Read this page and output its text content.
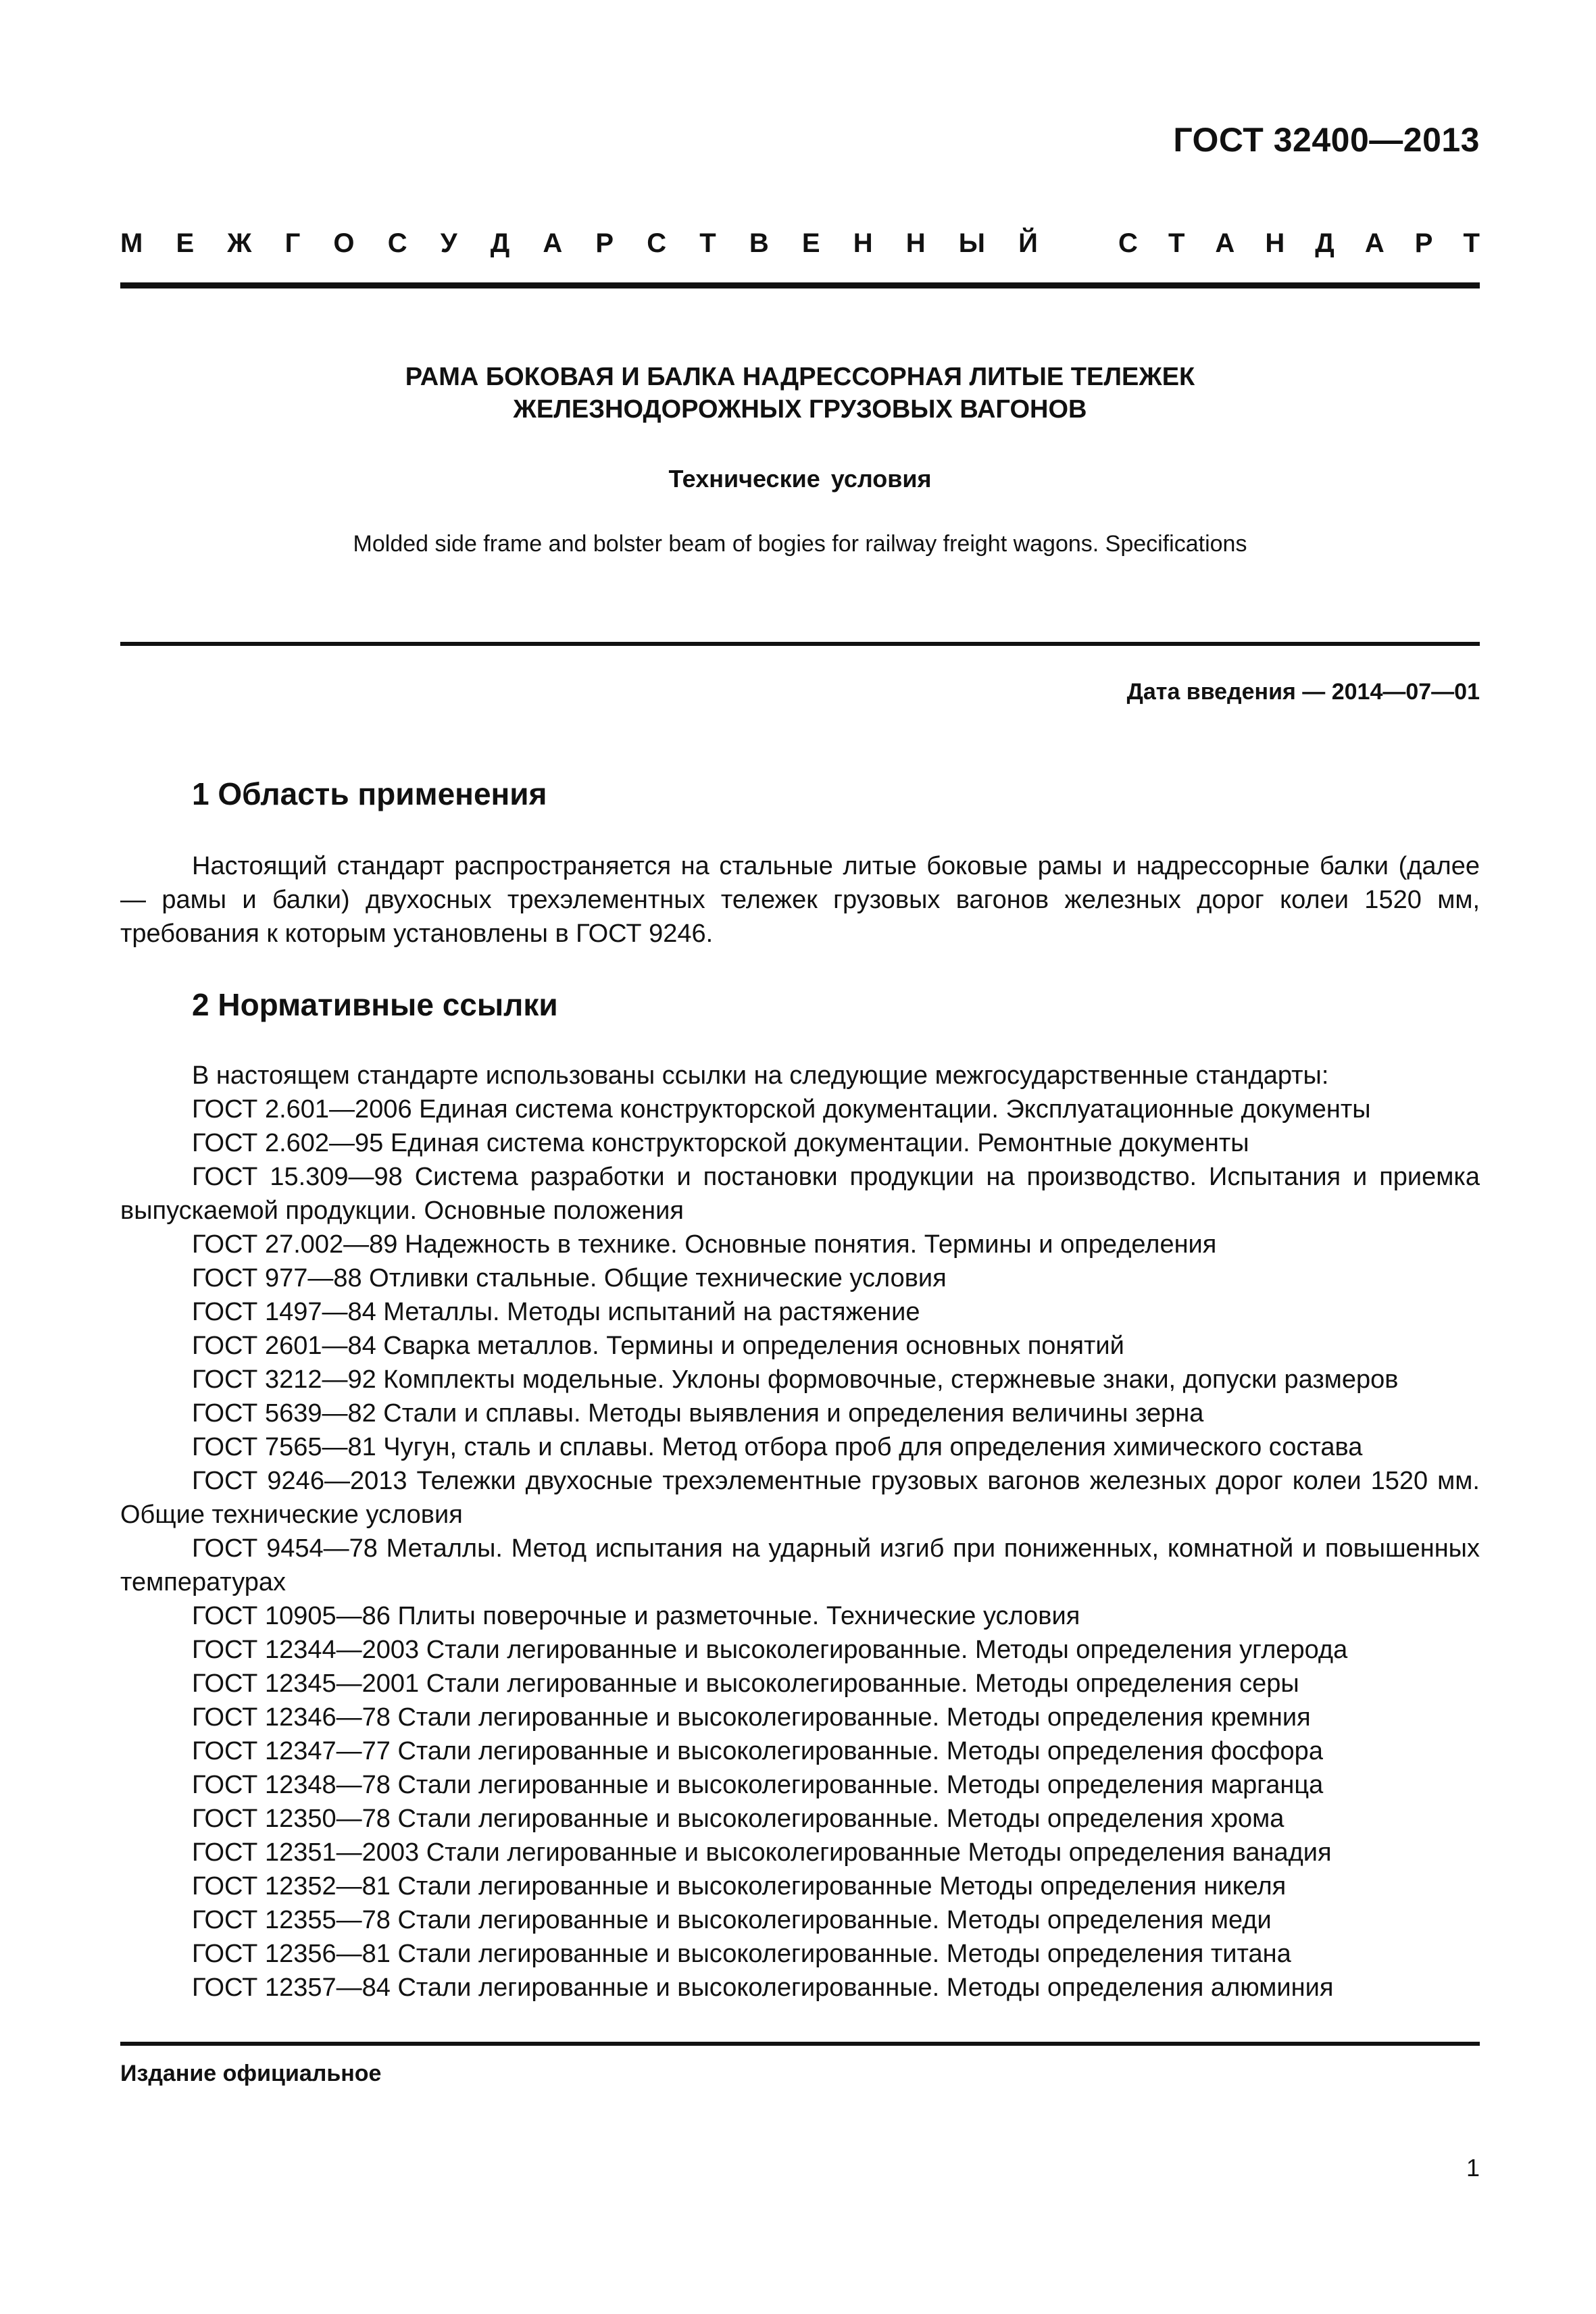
ГОСТ 32400—2013
М Е Ж Г О С У Д А Р С Т В Е Н Н Ы Й	С Т А Н Д А Р Т
РАМА БОКОВАЯ И БАЛКА НАДРЕССОРНАЯ ЛИТЫЕ ТЕЛЕЖЕК
ЖЕЛЕЗНОДОРОЖНЫХ ГРУЗОВЫХ ВАГОНОВ
Технические условия
Molded side frame and bolster beam of bogies for railway freight wagons. Specifications
Дата введения — 2014—07—01
1 Область применения
Настоящий стандарт распространяется на стальные литые боковые рамы и надрессорные балки (далее — рамы и балки) двухосных трехэлементных тележек грузовых вагонов железных дорог колеи 1520 мм, требования к которым установлены в ГОСТ 9246.
2 Нормативные ссылки

В настоящем стандарте использованы ссылки на следующие межгосударственные стандарты:

ГОСТ 2.601—2006 Единая система конструкторской документации. Эксплуатационные документы

ГОСТ 2.602—95 Единая система конструкторской документации. Ремонтные документы

ГОСТ 15.309—98 Система разработки и постановки продукции на производство. Испытания и приемка выпускаемой продукции. Основные положения

ГОСТ 27.002—89 Надежность в технике. Основные понятия. Термины и определения

ГОСТ 977—88 Отливки стальные. Общие технические условия

ГОСТ 1497—84 Металлы. Методы испытаний на растяжение

ГОСТ 2601—84 Сварка металлов. Термины и определения основных понятий

ГОСТ 3212—92 Комплекты модельные. Уклоны формовочные, стержневые знаки, допуски размеров

ГОСТ 5639—82 Стали и сплавы. Методы выявления и определения величины зерна

ГОСТ 7565—81 Чугун, сталь и сплавы. Метод отбора проб для определения химического состава

ГОСТ 9246—2013 Тележки двухосные трехэлементные грузовых вагонов железных дорог колеи 1520 мм. Общие технические условия

ГОСТ 9454—78 Металлы. Метод испытания на ударный изгиб при пониженных, комнатной и повышенных температурах

ГОСТ 10905—86 Плиты поверочные и разметочные. Технические условия

ГОСТ 12344—2003 Стали легированные и высоколегированные. Методы определения углерода

ГОСТ 12345—2001 Стали легированные и высоколегированные. Методы определения серы

ГОСТ 12346—78 Стали легированные и высоколегированные. Методы определения кремния

ГОСТ 12347—77 Стали легированные и высоколегированные. Методы определения фосфора

ГОСТ 12348—78 Стали легированные и высоколегированные. Методы определения марганца

ГОСТ 12350—78 Стали легированные и высоколегированные. Методы определения хрома

ГОСТ 12351—2003 Стали легированные и высоколегированные Методы определения ванадия

ГОСТ 12352—81 Стали легированные и высоколегированные Методы определения никеля

ГОСТ 12355—78 Стали легированные и высоколегированные. Методы определения меди

ГОСТ 12356—81 Стали легированные и высоколегированные. Методы определения титана

ГОСТ 12357—84 Стали легированные и высоколегированные. Методы определения алюминия

Издание официальное
1
